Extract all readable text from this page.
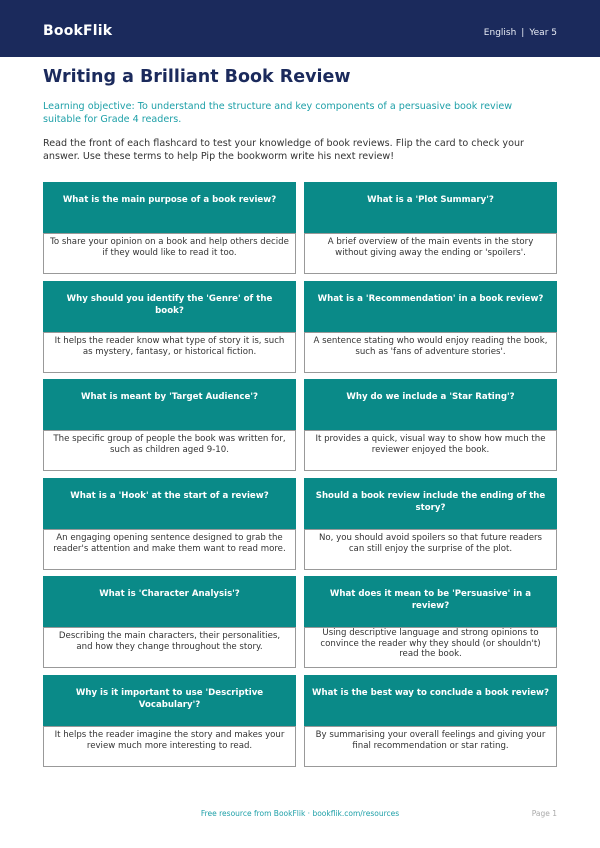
BookFlik	English | Year 5
Writing a Brilliant Book Review

Learning objective: To understand the structure and key components of a persuasive book review suitable for Grade 4 readers.

Read the front of each flashcard to test your knowledge of book reviews. Flip the card to check your answer. Use these terms to help Pip the bookworm write his next review!

What is the main purpose of a book review?
To share your opinion on a book and help others decide if they would like to read it too.
What is a 'Plot Summary'?
A brief overview of the main events in the story without giving away the ending or 'spoilers'.
Why should you identify the 'Genre' of the book?
It helps the reader know what type of story it is, such as mystery, fantasy, or historical fiction.
What is a 'Recommendation' in a book review?
A sentence stating who would enjoy reading the book, such as 'fans of adventure stories'.
What is meant by 'Target Audience'?
The specific group of people the book was written for, such as children aged 9-10.
Why do we include a 'Star Rating'?
It provides a quick, visual way to show how much the reviewer enjoyed the book.
What is a 'Hook' at the start of a review?
An engaging opening sentence designed to grab the reader's attention and make them want to read more.
Should a book review include the ending of the story?
No, you should avoid spoilers so that future readers can still enjoy the surprise of the plot.
What is 'Character Analysis'?
Describing the main characters, their personalities, and how they change throughout the story.
What does it mean to be 'Persuasive' in a review?
Using descriptive language and strong opinions to convince the reader why they should (or shouldn't) read the book.
Why is it important to use 'Descriptive Vocabulary'?
It helps the reader imagine the story and makes your review much more interesting to read.
What is the best way to conclude a book review?
By summarising your overall feelings and giving your final recommendation or star rating.
Free resource from BookFlik · bookflik.com/resources	Page 1
